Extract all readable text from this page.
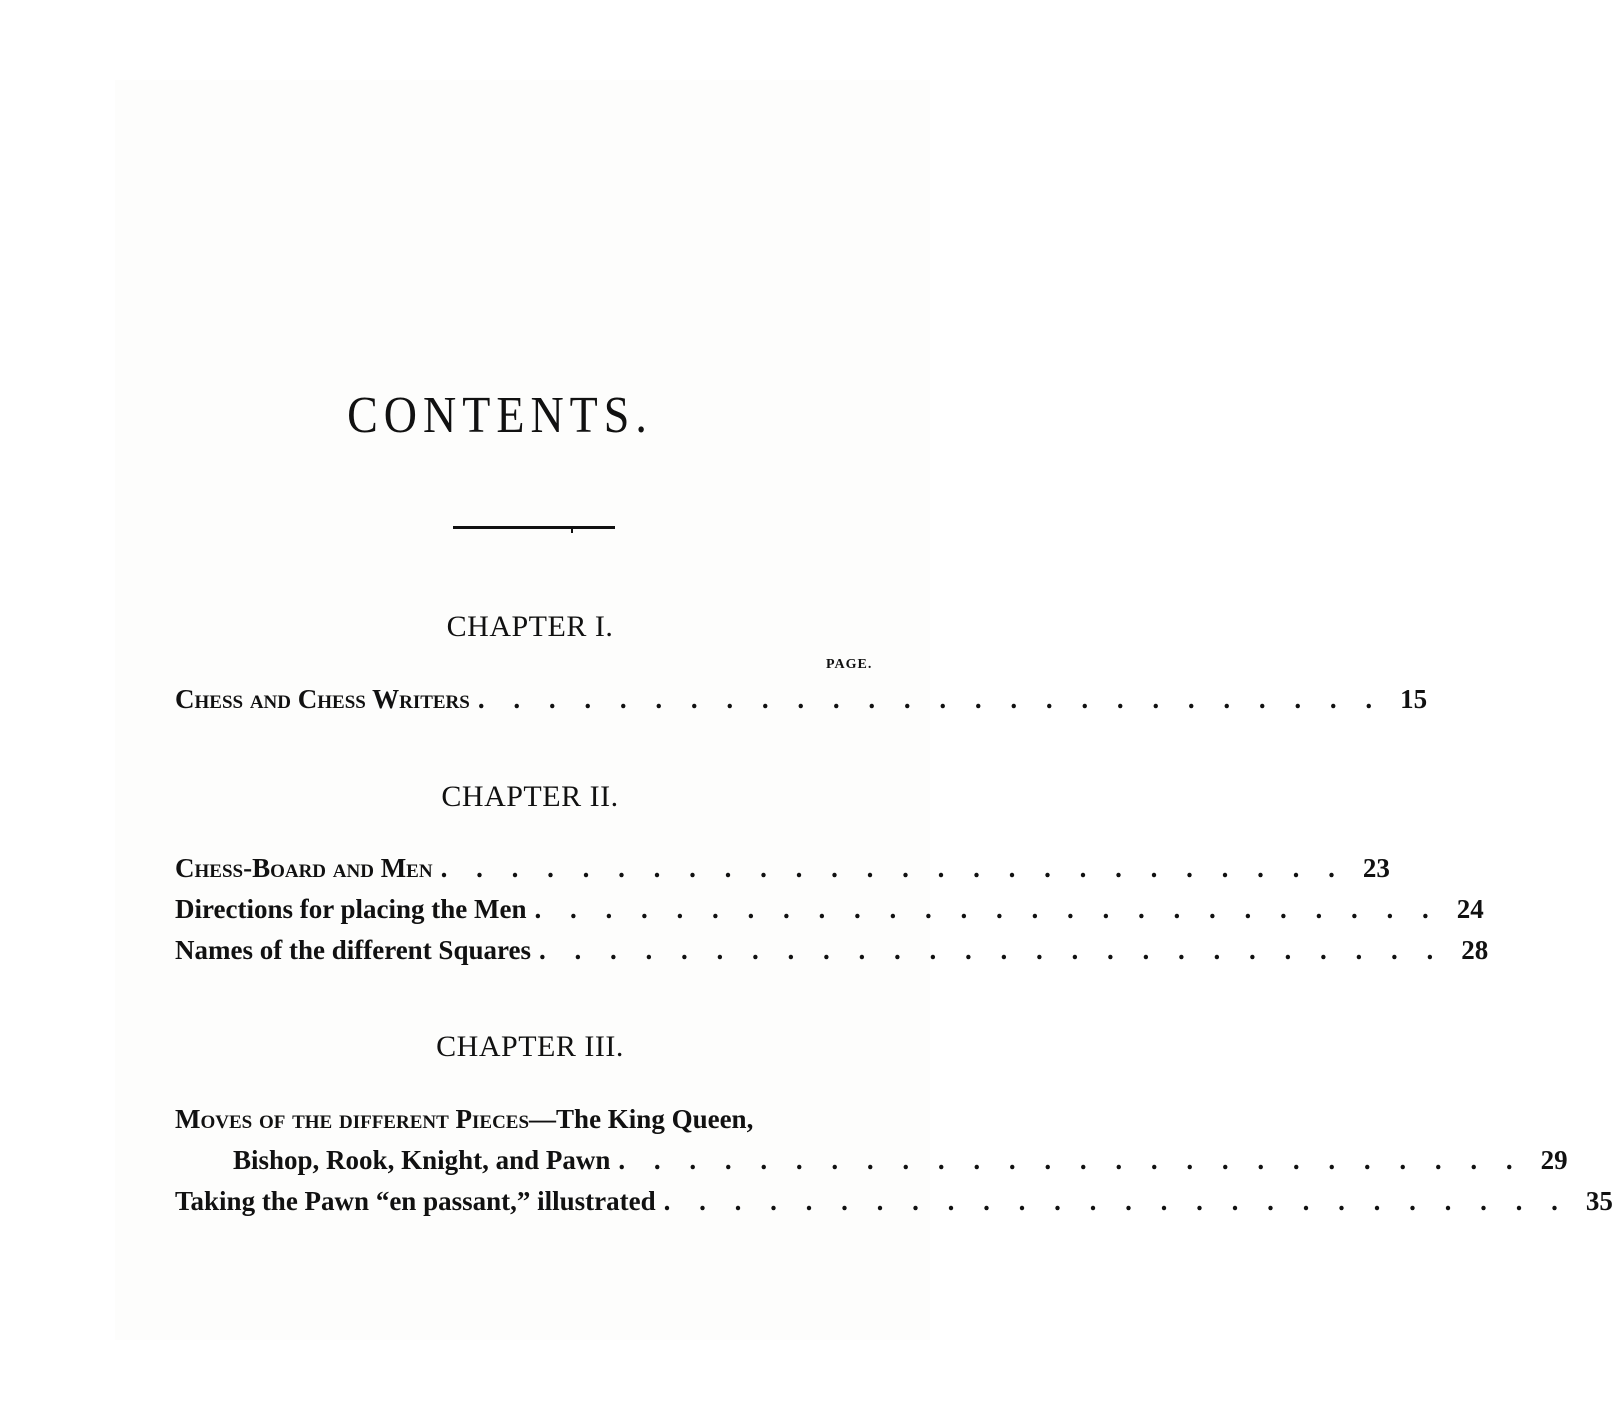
CONTENTS.
CHAPTER I.
PAGE.
Chess and Chess Writers . . . . . . . . . . . . . . . . . . . . . . . . . . 15
CHAPTER II.
Chess-Board and Men . . . . . . . . . . . . . . . . . . . . . . . . . . 23
Directions for placing the Men . . . . . . . . . . . . . . . . . . . . . . . . . . 24
Names of the different Squares . . . . . . . . . . . . . . . . . . . . . . . . . . 28
CHAPTER III.
Moves of the different Pieces—The King Queen,
Bishop, Rook, Knight, and Pawn . . . . . . . . . . . . . . . . . . . . . . . . . . 29
Taking the Pawn “en passant,” illustrated . . . . . . . . . . . . . . . . . . . . . . . . . . 35
